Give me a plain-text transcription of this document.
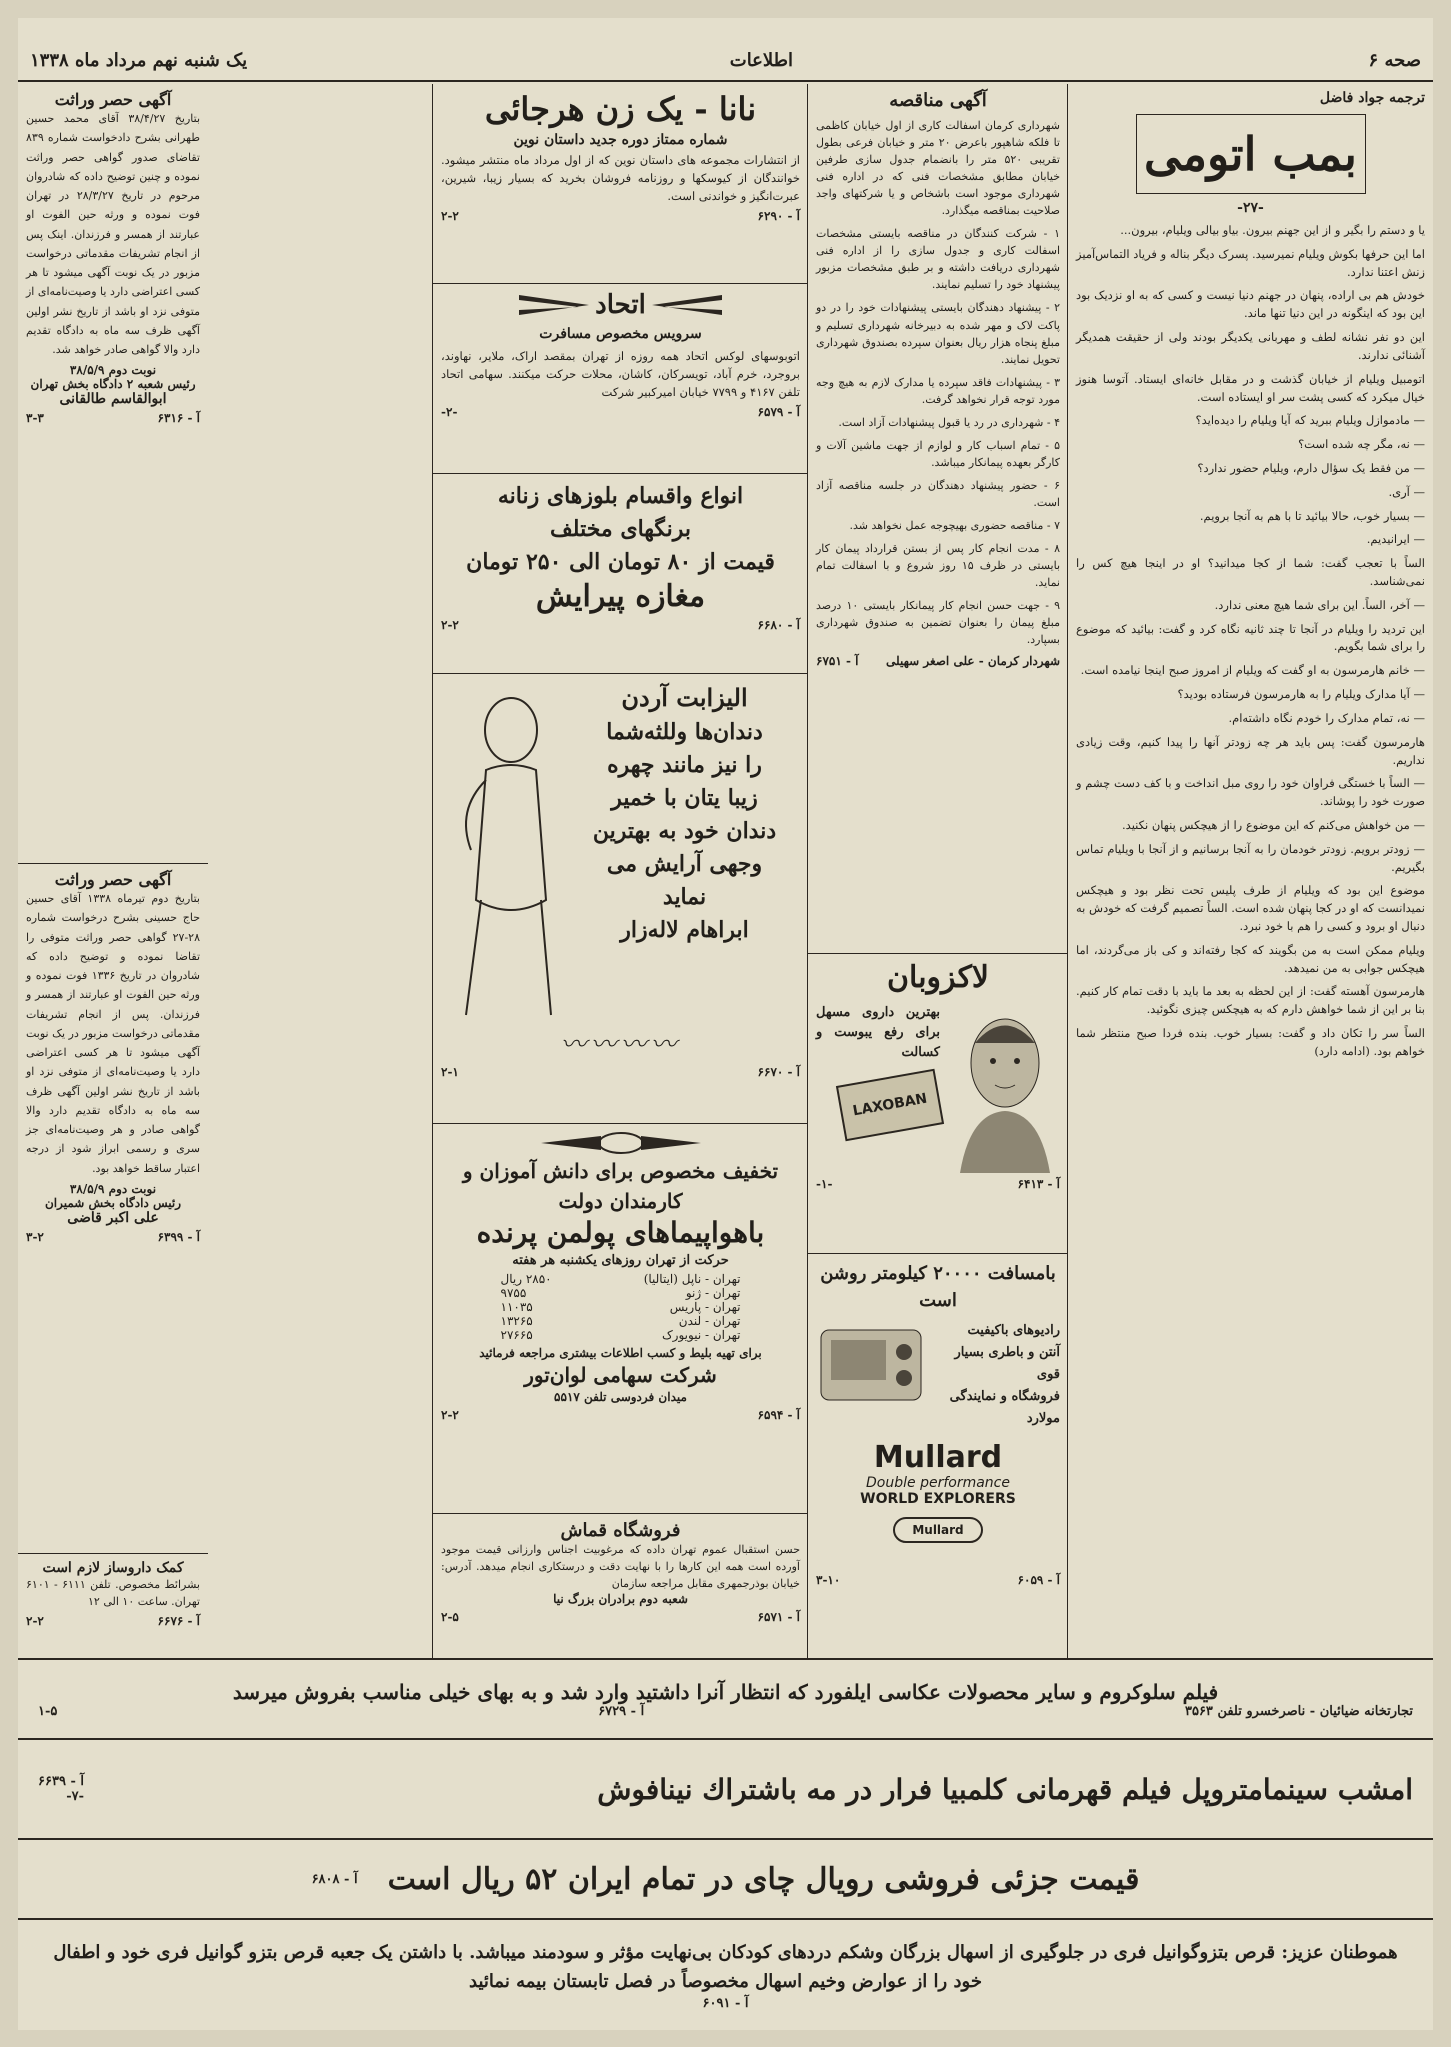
صحه ۶
اطلاعات
یک شنبه نهم مرداد ماه ۱۳۳۸
ترجمه جواد فاضل
بمب اتومی
-۲۷-
یا و دستم را بگیر و از این جهنم بیرون. بیاو بیالی ویلیام، بیرون...
اما این حرفها بکوش ویلیام نمیرسید. پسرک دیگر بناله و فریاد التماس‌آمیز زنش اعتنا ندارد.
خودش هم بی اراده، پنهان در جهنم دنیا نیست و کسی که به او نزدیک بود این بود که اینگونه در این دنیا تنها ماند.
این دو نفر نشانه لطف و مهربانی یکدیگر بودند ولی از حقیقت همدیگر آشنائی ندارند.
اتومبیل ویلیام از خیابان گذشت و در مقابل خانه‌ای ایستاد. آتوسا هنوز خیال میکرد که کسی پشت سر او ایستاده است.
— مادموازل ویلیام ببرید که آیا ویلیام را دیده‌اید؟
— نه، مگر چه شده است؟
— من فقط یک سؤال دارم، ویلیام حضور ندارد؟
— آری.
— بسیار خوب، حالا بیائید تا با هم به آنجا برویم.
— ایرانیدیم.
الساً با تعجب گفت: شما از کجا میدانید؟ او در اینجا هیچ کس را نمی‌شناسد.
— آخر، الساً. این برای شما هیچ معنی ندارد.
این تردید را ویلیام در آنجا تا چند ثانیه نگاه کرد و گفت: بیائید که موضوع را برای شما بگویم.
— خانم هارمرسون به او گفت که ویلیام از امروز صبح اینجا نیامده است.
— آیا مدارک ویلیام را به هارمرسون فرستاده بودید؟
— نه، تمام مدارک را خودم نگاه داشته‌ام.
هارمرسون گفت: پس باید هر چه زودتر آنها را پیدا کنیم، وقت زیادی نداریم.
— الساً با خستگی فراوان خود را روی مبل انداخت و با کف دست چشم و صورت خود را پوشاند.
— من خواهش می‌کنم که این موضوع را از هیچکس پنهان نکنید.
— زودتر برویم. زودتر خودمان را به آنجا برسانیم و از آنجا با ویلیام تماس بگیریم.
موضوع این بود که ویلیام از طرف پلیس تحت نظر بود و هیچکس نمیدانست که او در کجا پنهان شده است. الساً تصمیم گرفت که خودش به دنبال او برود و کسی را هم با خود نبرد.
ویلیام ممکن است به من بگویند که کجا رفته‌اند و کی باز می‌گردند، اما هیچکس جوابی به من نمیدهد.
هارمرسون آهسته گفت: از این لحظه به بعد ما باید با دقت تمام کار کنیم. بنا بر این از شما خواهش دارم که به هیچکس چیزی نگوئید.
الساً سر را تکان داد و گفت: بسیار خوب. بنده فردا صبح منتظر شما خواهم بود. (ادامه دارد)
آگهی مناقصه
شهرداری کرمان اسفالت کاری از اول خیابان کاظمی تا فلکه شاهپور باعرض ۲۰ متر و خیابان فرعی بطول تقریبی ۵۲۰ متر را بانضمام جدول سازی طرفین خیابان مطابق مشخصات فنی که در اداره فنی شهرداری موجود است باشخاص و یا شرکتهای واجد صلاحیت بمناقصه میگذارد.
۱ - شرکت کنندگان در مناقصه بایستی مشخصات اسفالت کاری و جدول سازی را از اداره فنی شهرداری دریافت داشته و بر طبق مشخصات مزبور پیشنهاد خود را تسلیم نمایند.
۲ - پیشنهاد دهندگان بایستی پیشنهادات خود را در دو پاکت لاک و مهر شده به دبیرخانه شهرداری تسلیم و مبلغ پنجاه هزار ریال بعنوان سپرده بصندوق شهرداری تحویل نمایند.
۳ - پیشنهادات فاقد سپرده یا مدارک لازم به هیچ وجه مورد توجه قرار نخواهد گرفت.
۴ - شهرداری در رد یا قبول پیشنهادات آزاد است.
۵ - تمام اسباب کار و لوازم از جهت ماشین آلات و کارگر بعهده پیمانکار میباشد.
۶ - حضور پیشنهاد دهندگان در جلسه مناقصه آزاد است.
۷ - مناقصه حضوری بهیچوجه عمل نخواهد شد.
۸ - مدت انجام کار پس از بستن قرارداد پیمان کار بایستی در ظرف ۱۵ روز شروع و با اسفالت تمام نماید.
۹ - جهت حسن انجام کار پیمانکار بایستی ۱۰ درصد مبلغ پیمان را بعنوان تضمین به صندوق شهرداری بسپارد.
شهردار کرمان - علی اصغر سهیلی
آ - ۶۷۵۱
لاکزوبان
بهترین داروی مسهل برای رفع یبوست و کسالت
LAXOBAN
آ - ۶۴۱۳
-۱-
بامسافت ۲۰۰۰۰ کیلومتر روشن است
رادیوهای باکیفیت
آنتن و باطری بسیار قوی
فروشگاه و نمایندگی مولارد
Mullard
Double performance
WORLD EXPLORERS
Mullard
آ - ۶۰۵۹
۳-۱۰
نانا - یک زن هرجائی
شماره ممتاز دوره جدید داستان نوین
از انتشارات مجموعه های داستان نوین که از اول مرداد ماه منتشر میشود. خوانندگان از کیوسکها و روزنامه فروشان بخرید که بسیار زیبا، شیرین، عبرت‌انگیز و خواندنی است.
آ - ۶۲۹۰
۲-۲
اتحاد
سرویس مخصوص مسافرت
اتوبوسهای لوکس اتحاد همه روزه از تهران بمقصد اراک، ملایر، نهاوند، بروجرد، خرم آباد، تویسرکان، کاشان، محلات حرکت میکنند. سهامی اتحاد تلفن ۴۱۶۷ و ۷۷۹۹ خیابان امیرکبیر شرکت
آ - ۶۵۷۹
-۲-
انواع واقسام بلوزهای زنانه
برنگهای مختلف
قیمت از ۸۰ تومان الی ۲۵۰ تومان
مغازه پیرایش
آ - ۶۶۸۰
۲-۲
الیزابت آردن
دندان‌ها وللثه‌شما
را نیز مانند چهره
زیبا یتان با خمیر
دندان خود به بهترین
وجهی آرایش می
نماید
ابراهام لاله‌زار
〰〰〰〰
آ - ۶۶۷۰
۲-۱
تخفیف مخصوص برای دانش آموزان و کارمندان دولت
باهواپیماهای پولمن پرنده
حرکت از تهران روزهای یکشنبه هر هفته
تهران - ناپل (ایتالیا)
۲۸۵۰ ریال
تهران - ژنو
۹۷۵۵
تهران - پاریس
۱۱۰۳۵
تهران - لندن
۱۳۲۶۵
تهران - نیویورک
۲۷۶۶۵
برای تهیه بلیط و کسب اطلاعات بیشتری مراجعه فرمائید
شرکت سهامی لوان‌تور
میدان فردوسی تلفن ۵۵۱۷
آ - ۶۵۹۴
۲-۲
فروشگاه قماش
حسن استقبال عموم تهران داده که مرغوبیت اجناس وارزانی قیمت موجود آورده است همه این کارها را با نهایت دقت و درستکاری انجام میدهد. آدرس: خیابان بوذرجمهری مقابل مراجعه سازمان
شعبه دوم برادران بزرگ نیا
آ - ۶۵۷۱
۲-۵
آگهی حصر وراثت
بتاریخ ۳۸/۴/۲۷ آقای محمد حسین طهرانی بشرح دادخواست شماره ۸۳۹ تقاضای صدور گواهی حصر وراثت نموده و چنین توضیح داده که شادروان مرحوم در تاریخ ۲۸/۳/۲۷ در تهران فوت نموده و ورثه حین الفوت او عبارتند از همسر و فرزندان. اینک پس از انجام تشریفات مقدماتی درخواست مزبور در یک نوبت آگهی میشود تا هر کسی اعتراضی دارد یا وصیت‌نامه‌ای از متوفی نزد او باشد از تاریخ نشر اولین آگهی ظرف سه ماه به دادگاه تقدیم دارد والا گواهی صادر خواهد شد.
نوبت دوم ۳۸/۵/۹
رئیس شعبه ۲ دادگاه بخش تهران
ابوالقاسم طالقانی
آ - ۶۳۱۶
۳-۳
آگهی حصر وراثت
بتاریخ دوم تیرماه ۱۳۳۸ آقای حسین حاج حسینی بشرح درخواست شماره ۲۸-۲۷ گواهی حصر وراثت متوفی را تقاضا نموده و توضیح داده که شادروان در تاریخ ۱۳۳۶ فوت نموده و ورثه حین الفوت او عبارتند از همسر و فرزندان. پس از انجام تشریفات مقدماتی درخواست مزبور در یک نوبت آگهی میشود تا هر کسی اعتراضی دارد یا وصیت‌نامه‌ای از متوفی نزد او باشد از تاریخ نشر اولین آگهی ظرف سه ماه به دادگاه تقدیم دارد والا گواهی صادر و هر وصیت‌نامه‌ای جز سری و رسمی ابراز شود از درجه اعتبار ساقط خواهد بود.
نوبت دوم ۳۸/۵/۹
رئیس دادگاه بخش شمیران
علی اکبر قاضی
آ - ۶۳۹۹
۳-۲
کمک داروساز لازم است
بشرائط مخصوص. تلفن ۶۱۱۱ - ۶۱۰۱ تهران. ساعت ۱۰ الی ۱۲
آ - ۶۶۷۶
۲-۲
فیلم سلوکروم و سایر محصولات عکاسی ایلفورد که انتظار آنرا داشتید وارد شد و به بهای خیلی مناسب بفروش میرسد
تجارتخانه ضیائیان - ناصرخسرو تلفن ۳۵۶۳
آ - ۶۷۲۹
۱-۵
امشب سینمامتروپل فیلم قهرمانی کلمبیا فرار در مه باشتراك نینافوش
آ - ۶۶۳۹
-۷-
قیمت جزئی فروشی رویال چای در تمام ایران ۵۲ ریال است
آ - ۶۸۰۸
هموطنان عزیز: قرص بتزوگوانیل فری در جلوگیری از اسهال بزرگان وشکم دردهای کودکان بی‌نهایت مؤثر و سودمند میباشد. با داشتن یک جعبه قرص بتزو گوانیل فری خود و اطفال خود را از عوارض وخیم اسهال مخصوصاً در فصل تابستان بیمه نمائید
آ - ۶۰۹۱
